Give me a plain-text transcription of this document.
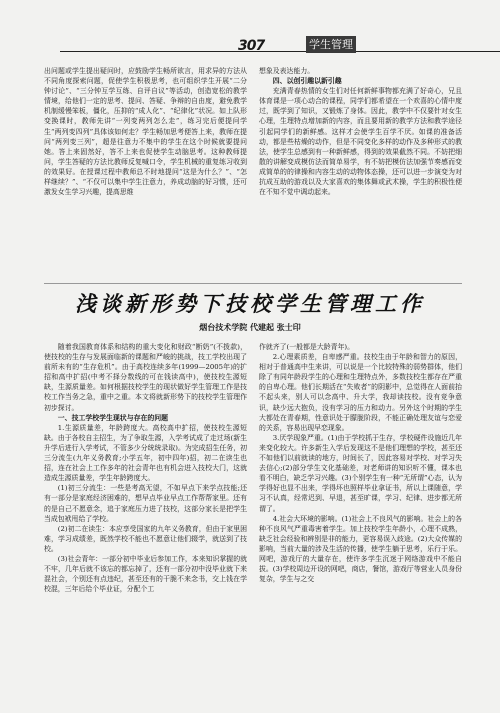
307	学生管理

出问题或学生提出疑问时，应鼓励学生畅所欲言，用求异的方法从不同角度探索问题，促使学生积极思考，也可组织学生开展“二分钟讨论”、“三分钟互学互练、自评自议”等活动，创造宽松的教学情境，给他们一定的思考、提问、答疑、争辩的自由度，避免教学机制缓慢笨板，僵化，压抑的“成人化”、“纪律化”状况。如上队形变换课时，教师先讲“一列变两列怎么走”，练习完后便提问学生“两列变四列”具体该如何走？学生畅加思考便答上来，教师在提问“两列变三列”，超是往意力不集中的学生在这个时候就要提问她。答上来固然好，答不上来也促使学生动脑思考。这种教师提问，学生答疑的方法比教师反复喊口令，学生机械的重复练习收到的效果好。在授课过程中教师总不时地提问“这是为什么？”、“怎样继续？”、“不仅可以集中学生注意力，养成动脑的好习惯，还可激发女生学习兴趣，提高思维

想象及表达能力。

四、以创引趣以新引趣

充满青春热情的女生们对任何新鲜事物都充满了好奇心，兄且体育课是一项心动合的课程，同学们都希望在一个欢喜的心情中度过，既学到了知识，又锻炼了身体。因此，教学中不仅要针对女生心理，生理特点增加新的内容，而且要用新的教学方法和教学途径引起同学们的新鲜感。这样才会使学生百学不厌。如课的准备活动，都是些枯燥的动作，但是不同变化多样的动作及多种形式的教法，使学生总感到有一种新鲜感，得到的效果截然不同。不妨把细散的讲解变成模仿法而简单易学，有不妨把模仿法加强节奏感而变成简单的的律操和内容生动的动物体态操，还可以进一步演变为对抗成互助的游戏以及大家喜欢的集体舞或武术操，学生的积极性便在不知不觉中调动起来。

浅谈新形势下技校学生管理工作
烟台技术学院 代建起 张士印

随着我国教育体系和结构的重大变化和财政“断奶”(不拨款)，使技校的生存与发展面临新的课题和严峻的挑战，技工学校出现了前所未有的“生存危机”。由于高校连续多年(1999—2005年)的扩招和高中扩招(中考不择分数线的可在钱读高中)，使技校生源短缺，生源质量差。如何根据技校学生的现状做好学生管理工作是技校工作当务之急，重中之重。本文将就新形势下的技校学生管理作初步探讨。

一、技工学校学生现状与存在的问题

1.生源质量差，年龄跨度大。高校高中扩招，使技校生源短缺。由于各校自主招生，为了争取生源，入学考试成了走过场(新生升学后进行入学考试，不管多少分统统录取)。为完成招生任务，初三分流生(九年义务教育;小学五年，初中四年)招，初二在读生也招，连在社会上工作多年的社会青年也有机会进入技校大门，这就造成生源质量差，学生年龄跨度大。

(1)初三分流生：一些是考高无望，不如早点下来学点技能;还有一部分是家庭经济困难的，想早点毕业早点工作帮帮家里。还有的是自己不愿意念，追于家庭压力进了技校，这部分家长是把学生当成包袱甩给了学校。

(2)初二在读生：本应享受国家的九年义务教育，但由于家里困难，学习成绩差，既然学校不能也不愿意让他们辍学，就送到了技校。

(3)社会青年：一部分初中毕业后参加工作，本来知识掌握的就不牢，几年后就不该忘的都忘掉了，还有一部分初中没毕业就下来混社会，个别还有点违纪，甚至还有的干脆不来念书，交上钱在学校混，三年后给个毕业证，分配个工

作就齐了(一般都是大龄青年)。

2.心理素质差，自卑感严重。技校生由于年龄和智力的原因，相对于普通高中生来讲，可以说是一个比较特殊的弱势群体，他们除了有同年龄段学生的心理和生理特点外，多数技校生都存在严重的自卑心理。他们长期活在“失败者”的阴影中，总觉得在人面前抬不起头来，别人可以念高中、升大学，我却读技校。没有竞争意识，缺少远大抱负，没有学习的压力和动力。另外这个时期的学生大都处在青春期，性意识处于朦胧阶段，不能正确处理友谊与恋爱的关系，容易出现早恋现象。

3.厌学现象严重。(1)由于学校抓于生存，学校硬件设施近几年来变化较大。许多新生入学后发现这不是他们理想的学校，甚至还不如他们以前就读的地方，时间长了，因此容易对学校、对学习失去信心;(2)部分学生文化基础差，对老师讲的知识听不懂，课本也看不明白，缺乏学习兴趣。(3)个别学生有一种“无所谓”心态，认为学得好也显不出来，学得坏也照样毕业拿证书，所以上课随意，学习不认真，经常迟到、早退，甚至旷课，学习、纪律、进步都无所谓了。

4.社会大环境的影响。(1)社会上不良风气的影响。社会上的各种不良风气严重毒害着学生。加上技校学生年龄小，心理不成熟，缺乏社会经验和辨别是非的能力，更容易误入歧途。(2)大众传媒的影响，当前大量的涉及生活的传播，使学生躺于思考，乐行于乐。网吧，游戏厅的大量存在，使许多学生沉迷于网络游戏中不能自拔。(3)学校周边开设的网吧，商店，餐馆，游戏厅等营业人员身份复杂，学生与之交
